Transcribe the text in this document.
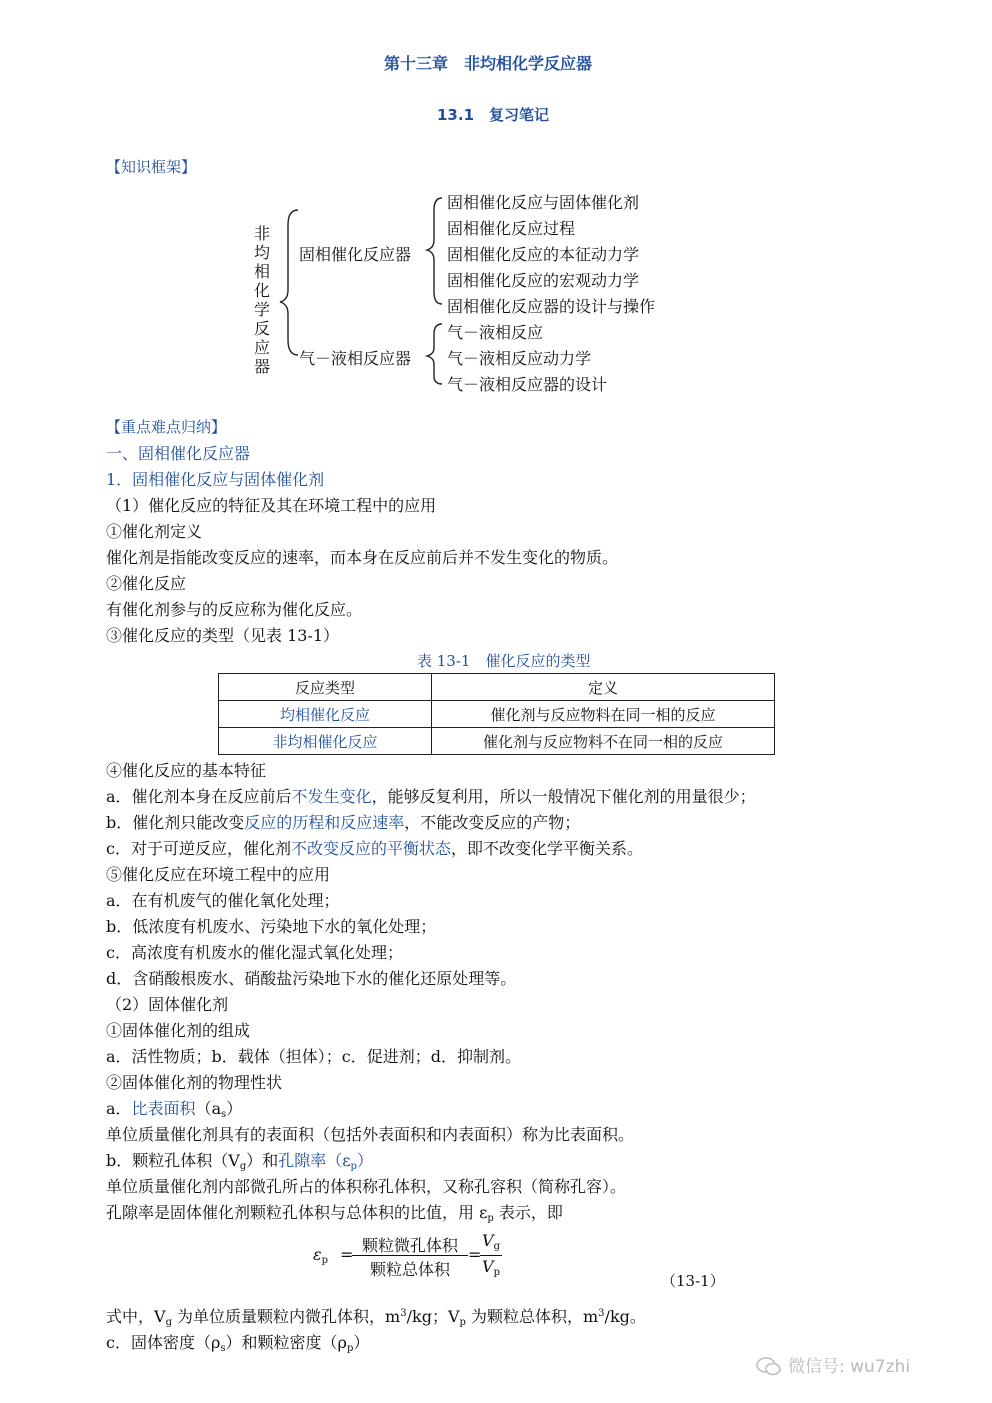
第十三章　非均相化学反应器
13.1　复习笔记
【知识框架】
非均相化学反应器
固相催化反应器
气－液相反应器
固相催化反应与固体催化剂
固相催化反应过程
固相催化反应的本征动力学
固相催化反应的宏观动力学
固相催化反应器的设计与操作
气－液相反应
气－液相反应动力学
气－液相反应器的设计
【重点难点归纳】
一、固相催化反应器
1．固相催化反应与固体催化剂
（1）催化反应的特征及其在环境工程中的应用
①催化剂定义
催化剂是指能改变反应的速率，而本身在反应前后并不发生变化的物质。
②催化反应
有催化剂参与的反应称为催化反应。
③催化反应的类型（见表 13-1）
表 13-1　催化反应的类型
反应类型	定义
均相催化反应	催化剂与反应物料在同一相的反应
非均相催化反应	催化剂与反应物料不在同一相的反应
④催化反应的基本特征
a．催化剂本身在反应前后不发生变化，能够反复利用，所以一般情况下催化剂的用量很少；
b．催化剂只能改变反应的历程和反应速率，不能改变反应的产物；
c．对于可逆反应，催化剂不改变反应的平衡状态，即不改变化学平衡关系。
⑤催化反应在环境工程中的应用
a．在有机废气的催化氧化处理；
b．低浓度有机废水、污染地下水的氧化处理；
c．高浓度有机废水的催化湿式氧化处理；
d．含硝酸根废水、硝酸盐污染地下水的催化还原处理等。
（2）固体催化剂
①固体催化剂的组成
a．活性物质；b．载体（担体）；c．促进剂；d．抑制剂。
②固体催化剂的物理性状
a．比表面积$(a_s)$
单位质量催化剂具有的表面积（包括外表面积和内表面积）称为比表面积。
b．颗粒孔体积$(V_g)$和孔隙率$(\varepsilon_p)$
单位质量催化剂内部微孔所占的体积称孔体积，又称孔容积（简称孔容）。
孔隙率是固体催化剂颗粒孔体积与总体积的比值，用 $\varepsilon_p$ 表示，即
$\varepsilon_p$ = 颗粒微孔体积
颗粒总体积
=
$V_g$
$V_p$	（13-1）
式中，$V_g$ 为单位质量颗粒内微孔体积，$m^3/kg$；$V_p$ 为颗粒总体积，$m^3/kg$。
c．固体密度$(\rho_s)$和颗粒密度$(\rho_p)$
微信号: wu7zhi
